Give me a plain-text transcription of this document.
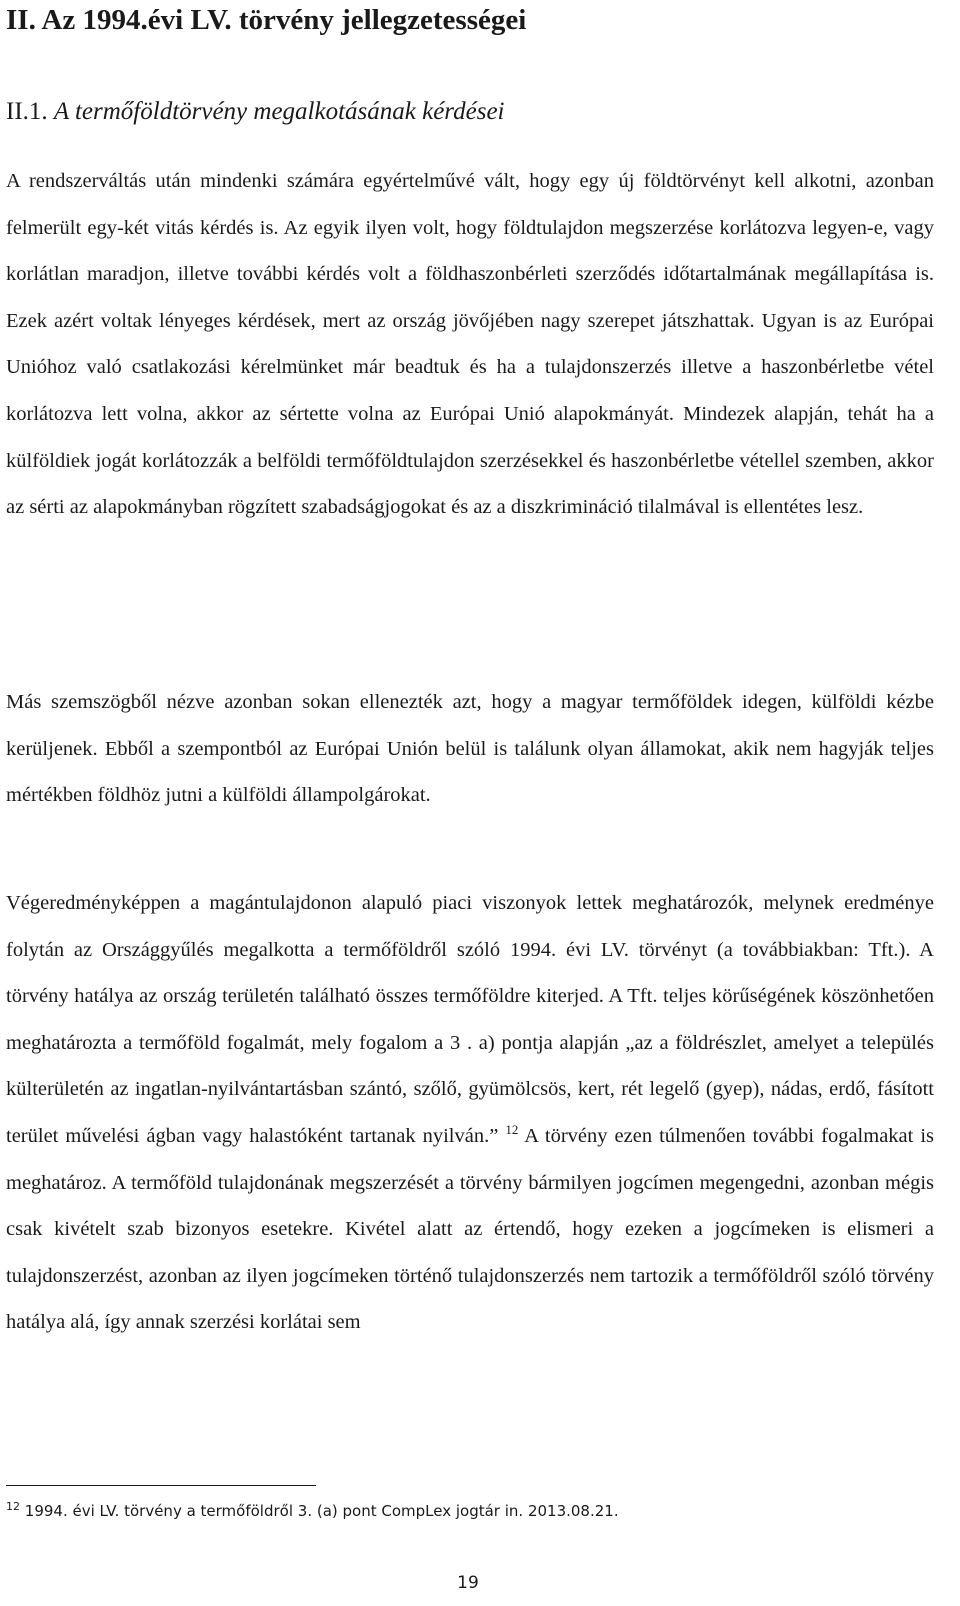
II. Az 1994.évi LV. törvény jellegzetességei
II.1. A termőföldtörvény megalkotásának kérdései

A rendszerváltás után mindenki számára egyértelművé vált, hogy egy új földtörvényt kell alkotni, azonban felmerült egy-két vitás kérdés is. Az egyik ilyen volt, hogy földtulajdon megszerzése korlátozva legyen-e, vagy korlátlan maradjon, illetve további kérdés volt a földhaszonbérleti szerződés időtartalmának megállapítása is. Ezek azért voltak lényeges kérdések, mert az ország jövőjében nagy szerepet játszhattak. Ugyan is az Európai Unióhoz való csatlakozási kérelmünket már beadtuk és ha a tulajdonszerzés illetve a haszonbérletbe vétel korlátozva lett volna, akkor az sértette volna az Európai Unió alapokmányát. Mindezek alapján, tehát ha a külföldiek jogát korlátozzák a belföldi termőföldtulajdon szerzésekkel és haszonbérletbe vétellel szemben, akkor az sérti az alapokmányban rögzített szabadságjogokat és az a diszkrimináció tilalmával is ellentétes lesz.

Más szemszögből nézve azonban sokan ellenezték azt, hogy a magyar termőföldek idegen, külföldi kézbe kerüljenek. Ebből a szempontból az Európai Unión belül is találunk olyan államokat, akik nem hagyják teljes mértékben földhöz jutni a külföldi állampolgárokat.

Végeredményképpen a magántulajdonon alapuló piaci viszonyok lettek meghatározók, melynek eredménye folytán az Országgyűlés megalkotta a termőföldről szóló 1994. évi LV. törvényt (a továbbiakban: Tft.). A törvény hatálya az ország területén található összes termőföldre kiterjed. A Tft. teljes körűségének köszönhetően meghatározta a termőföld fogalmát, mely fogalom a 3 . a) pontja alapján „az a földrészlet, amelyet a település külterületén az ingatlan-nyilvántartásban szántó, szőlő, gyümölcsös, kert, rét legelő (gyep), nádas, erdő, fásított terület művelési ágban vagy halastóként tartanak nyilván.” $^{12}$ A törvény ezen túlmenően további fogalmakat is meghatároz. A termőföld tulajdonának megszerzését a törvény bármilyen jogcímen megengedni, azonban mégis csak kivételt szab bizonyos esetekre. Kivétel alatt az értendő, hogy ezeken a jogcímeken is elismeri a tulajdonszerzést, azonban az ilyen jogcímeken történő tulajdonszerzés nem tartozik a termőföldről szóló törvény hatálya alá, így annak szerzési korlátai sem

$^{12}$ 1994. évi LV. törvény a termőföldről 3. (a) pont CompLex jogtár in. 2013.08.21.
19
